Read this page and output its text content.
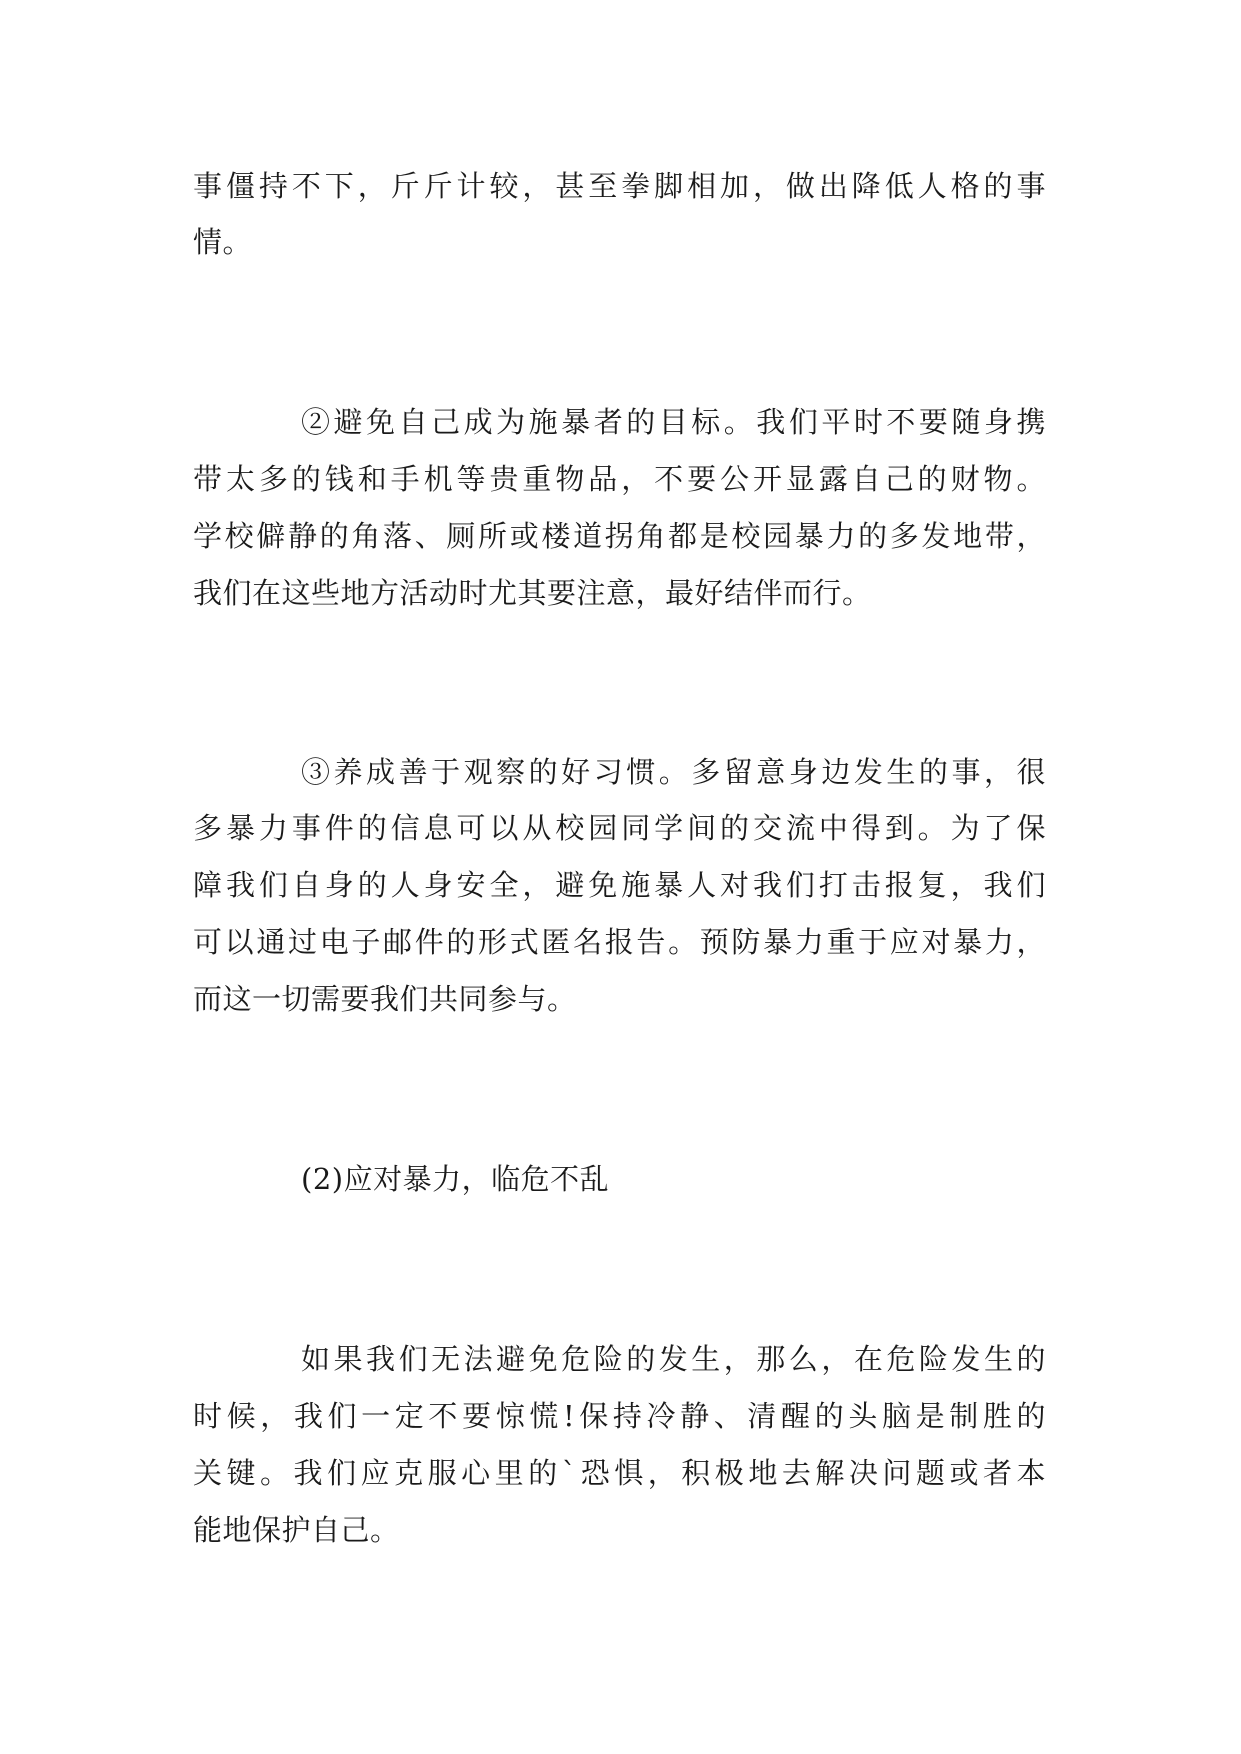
事僵持不下，斤斤计较，甚至拳脚相加，做出降低人格的事
情。
②避免自己成为施暴者的目标。我们平时不要随身携
带太多的钱和手机等贵重物品，不要公开显露自己的财物。
学校僻静的角落、厕所或楼道拐角都是校园暴力的多发地带，
我们在这些地方活动时尤其要注意，最好结伴而行。
③养成善于观察的好习惯。多留意身边发生的事，很
多暴力事件的信息可以从校园同学间的交流中得到。为了保
障我们自身的人身安全，避免施暴人对我们打击报复，我们
可以通过电子邮件的形式匿名报告。预防暴力重于应对暴力，
而这一切需要我们共同参与。
(2)应对暴力，临危不乱
如果我们无法避免危险的发生，那么，在危险发生的
时候，我们一定不要惊慌!保持冷静、清醒的头脑是制胜的
关键。我们应克服心里的`恐惧，积极地去解决问题或者本
能地保护自己。
